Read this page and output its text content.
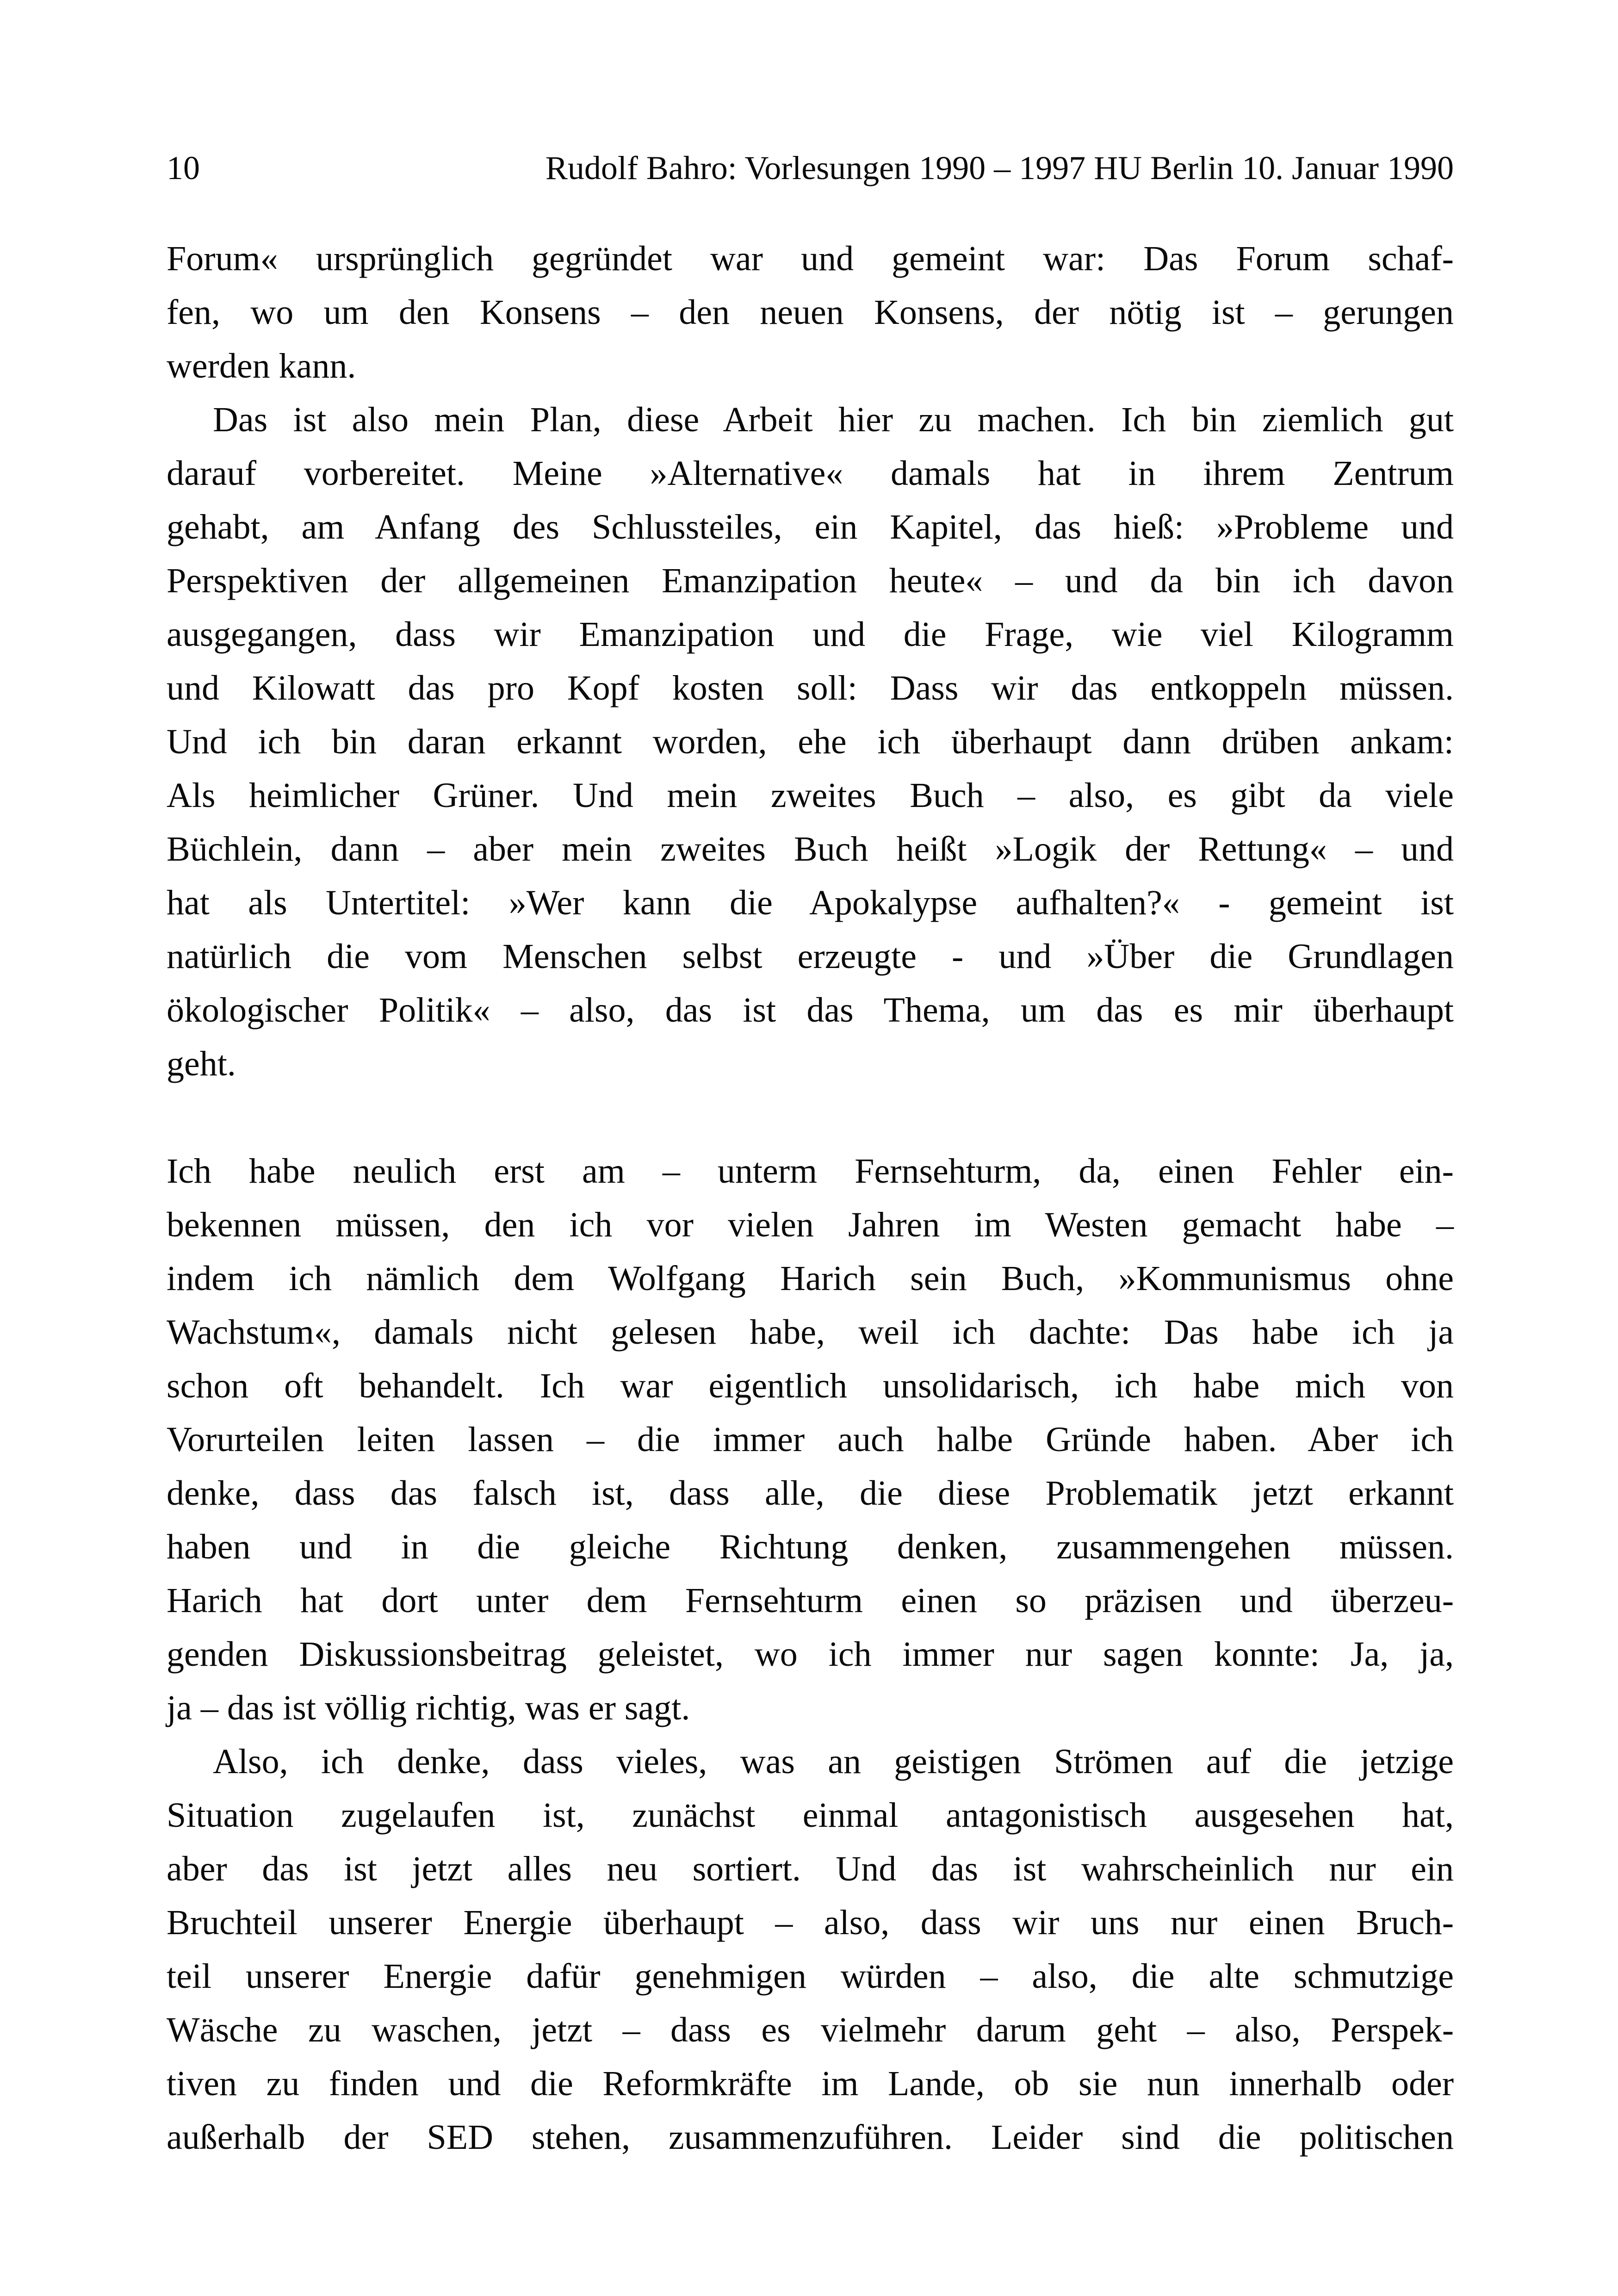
10	Rudolf Bahro: Vorlesungen 1990 – 1997 HU Berlin 10. Januar 1990

Forum« ursprünglich gegründet war und gemeint war: Das Forum schaf-
fen, wo um den Konsens – den neuen Konsens, der nötig ist – gerungen
werden kann.

Das ist also mein Plan, diese Arbeit hier zu machen. Ich bin ziemlich gut
darauf vorbereitet. Meine »Alternative« damals hat in ihrem Zentrum
gehabt, am Anfang des Schlussteiles, ein Kapitel, das hieß: »Probleme und
Perspektiven der allgemeinen Emanzipation heute« – und da bin ich davon
ausgegangen, dass wir Emanzipation und die Frage, wie viel Kilogramm
und Kilowatt das pro Kopf kosten soll: Dass wir das entkoppeln müssen.
Und ich bin daran erkannt worden, ehe ich überhaupt dann drüben ankam:
Als heimlicher Grüner. Und mein zweites Buch – also, es gibt da viele
Büchlein, dann – aber mein zweites Buch heißt »Logik der Rettung« – und
hat als Untertitel: »Wer kann die Apokalypse aufhalten?« - gemeint ist
natürlich die vom Menschen selbst erzeugte - und »Über die Grundlagen
ökologischer Politik« – also, das ist das Thema, um das es mir überhaupt
geht.

Ich habe neulich erst am – unterm Fernsehturm, da, einen Fehler ein-
bekennen müssen, den ich vor vielen Jahren im Westen gemacht habe –
indem ich nämlich dem Wolfgang Harich sein Buch, »Kommunismus ohne
Wachstum«, damals nicht gelesen habe, weil ich dachte: Das habe ich ja
schon oft behandelt. Ich war eigentlich unsolidarisch, ich habe mich von
Vorurteilen leiten lassen – die immer auch halbe Gründe haben. Aber ich
denke, dass das falsch ist, dass alle, die diese Problematik jetzt erkannt
haben und in die gleiche Richtung denken, zusammengehen müssen.
Harich hat dort unter dem Fernsehturm einen so präzisen und überzeu-
genden Diskussionsbeitrag geleistet, wo ich immer nur sagen konnte: Ja, ja,
ja – das ist völlig richtig, was er sagt.

Also, ich denke, dass vieles, was an geistigen Strömen auf die jetzige
Situation zugelaufen ist, zunächst einmal antagonistisch ausgesehen hat,
aber das ist jetzt alles neu sortiert. Und das ist wahrscheinlich nur ein
Bruchteil unserer Energie überhaupt – also, dass wir uns nur einen Bruch-
teil unserer Energie dafür genehmigen würden – also, die alte schmutzige
Wäsche zu waschen, jetzt – dass es vielmehr darum geht – also, Perspek-
tiven zu finden und die Reformkräfte im Lande, ob sie nun innerhalb oder
außerhalb der SED stehen, zusammenzuführen. Leider sind die politischen
